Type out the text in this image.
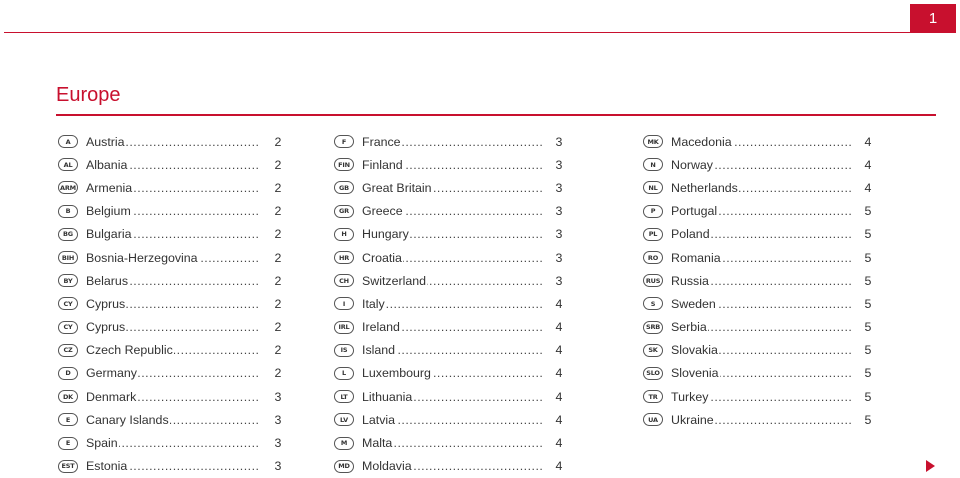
1
Europe
A	Austria .....	2
AL	Albania .....	2
ARM Armenia .....	2
B	Belgium .....	2
BG	Bulgaria .....	2
BIH Bosnia-Herzegovina .....	2
BY	Belarus .....	2
CY	Cyprus .....	2
CY	Cyprus .....	2
CZ	Czech Republic .....	2
D	Germany .....	2
DK	Denmark .....	3
E	Canary Islands .....	3
E	Spain .....	3
EST Estonia .....	3
F	France .....	3
FIN Finland .....	3
GB	Great Britain .....	3
GR	Greece .....	3
H	Hungary .....	3
HR	Croatia .....	3
CH	Switzerland .....	3
I	Italy .....	4
IRL	Ireland .....	4
IS	Island .....	4
L	Luxembourg .....	4
LT	Lithuania .....	4
LV	Latvia .....	4
M	Malta .....	4
MD Moldavia .....	4
MK	Macedonia .....	4
N	Norway .....	4
NL	Netherlands .....	4
P	Portugal .....	5
PL	Poland .....	5
RO	Romania .....	5
RUS Russia .....	5
S	Sweden .....	5
SRB Serbia .....	5
SK	Slovakia .....	5
SLO Slovenia .....	5
TR	Turkey .....	5
UA	Ukraine .....	5
